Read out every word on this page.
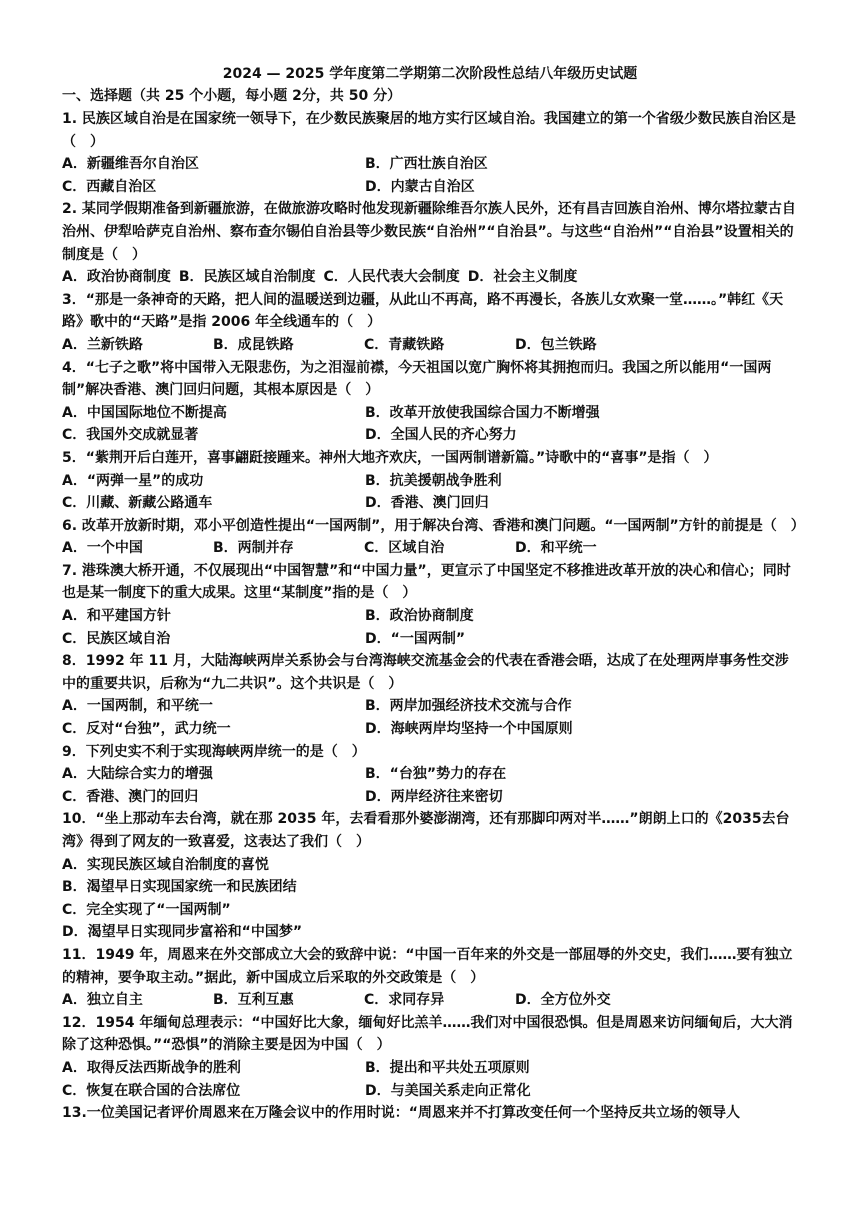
2024 — 2025 学年度第二学期第二次阶段性总结八年级历史试题
一、选择题（共 25 个小题，每小题 2分，共 50 分）

1. 民族区域自治是在国家统一领导下，在少数民族聚居的地方实行区域自治。我国建立的第一个省级少数民族自治区是（　）

A．新疆维吾尔自治区	B．广西壮族自治区
C．西藏自治区	D．内蒙古自治区

2. 某同学假期准备到新疆旅游，在做旅游攻略时他发现新疆除维吾尔族人民外，还有昌吉回族自治州、博尔塔拉蒙古自治州、伊犁哈萨克自治州、察布查尔锡伯自治县等少数民族“自治州”“自治县”。与这些“自治州”“自治县”设置相关的制度是（　）

A．政治协商制度 B．民族区域自治制度 C．人民代表大会制度 D．社会主义制度

3．“那是一条神奇的天路，把人间的温暖送到边疆，从此山不再高，路不再漫长，各族儿女欢聚一堂……。”韩红《天路》歌中的“天路”是指 2006 年全线通车的（　）

A．兰新铁路	B．成昆铁路	C．青藏铁路	D．包兰铁路

4．“七子之歌”将中国带入无限悲伤，为之泪湿前襟，今天祖国以宽广胸怀将其拥抱而归。我国之所以能用“一国两制”解决香港、澳门回归问题，其根本原因是（　）

A．中国国际地位不断提高	B．改革开放使我国综合国力不断增强
C．我国外交成就显著	D．全国人民的齐心努力

5．“紫荆开后白莲开，喜事翩跹接踵来。神州大地齐欢庆，一国两制谱新篇。”诗歌中的“喜事”是指（　）

A．“两弹一星”的成功	B．抗美援朝战争胜利
C．川藏、新藏公路通车	D．香港、澳门回归

6. 改革开放新时期，邓小平创造性提出“一国两制”，用于解决台湾、香港和澳门问题。“一国两制”方针的前提是（　）

A．一个中国	B．两制并存	C．区域自治	D．和平统一

7. 港珠澳大桥开通，不仅展现出“中国智慧”和“中国力量”，更宣示了中国坚定不移推进改革开放的决心和信心；同时也是某一制度下的重大成果。这里“某制度”指的是（　）

A．和平建国方针	B．政治协商制度
C．民族区域自治	D．“一国两制”

8．1992 年 11 月，大陆海峡两岸关系协会与台湾海峡交流基金会的代表在香港会晤，达成了在处理两岸事务性交涉中的重要共识，后称为“九二共识”。这个共识是（　）

A．一国两制，和平统一	B．两岸加强经济技术交流与合作
C．反对“台独”，武力统一	D．海峡两岸均坚持一个中国原则

9．下列史实不利于实现海峡两岸统一的是（　）

A．大陆综合实力的增强	B．“台独”势力的存在
C．香港、澳门的回归	D．两岸经济往来密切

10．“坐上那动车去台湾，就在那 2035 年，去看看那外婆澎湖湾，还有那脚印两对半……”朗朗上口的《2035去台湾》得到了网友的一致喜爱，这表达了我们（　）

A．实现民族区域自治制度的喜悦
B．渴望早日实现国家统一和民族团结
C．完全实现了“一国两制”
D．渴望早日实现同步富裕和“中国梦”

11．1949 年，周恩来在外交部成立大会的致辞中说：“中国一百年来的外交是一部屈辱的外交史，我们……要有独立的精神，要争取主动。”据此，新中国成立后采取的外交政策是（　）

A．独立自主	B．互利互惠	C．求同存异	D．全方位外交

12．1954 年缅甸总理表示：“中国好比大象，缅甸好比羔羊……我们对中国很恐惧。但是周恩来访问缅甸后，大大消除了这种恐惧。”“恐惧”的消除主要是因为中国（　）

A．取得反法西斯战争的胜利	B．提出和平共处五项原则
C．恢复在联合国的合法席位	D．与美国关系走向正常化

13.一位美国记者评价周恩来在万隆会议中的作用时说：“周恩来并不打算改变任何一个坚持反共立场的领导人
